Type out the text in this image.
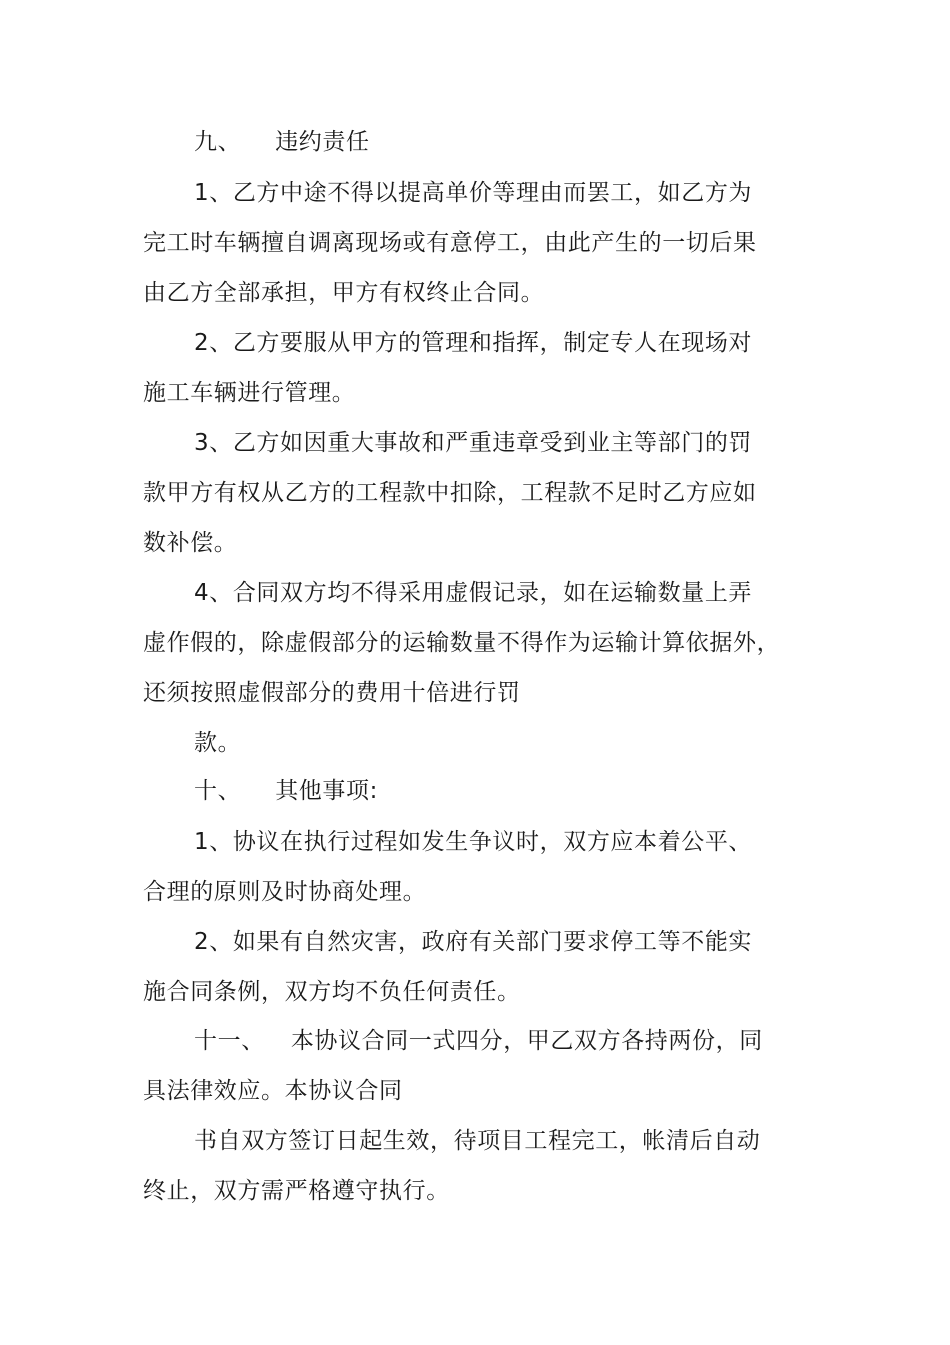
九、 违约责任
1、乙方中途不得以提高单价等理由而罢工，如乙方为
完工时车辆擅自调离现场或有意停工，由此产生的一切后果
由乙方全部承担，甲方有权终止合同。
2、乙方要服从甲方的管理和指挥，制定专人在现场对
施工车辆进行管理。
3、乙方如因重大事故和严重违章受到业主等部门的罚
款甲方有权从乙方的工程款中扣除，工程款不足时乙方应如
数补偿。
4、合同双方均不得采用虚假记录，如在运输数量上弄
虚作假的，除虚假部分的运输数量不得作为运输计算依据外，
还须按照虚假部分的费用十倍进行罚
款。
十、 其他事项:
1、协议在执行过程如发生争议时，双方应本着公平、
合理的原则及时协商处理。
2、如果有自然灾害，政府有关部门要求停工等不能实
施合同条例，双方均不负任何责任。
十一、 本协议合同一式四分，甲乙双方各持两份，同
具法律效应。本协议合同
书自双方签订日起生效，待项目工程完工，帐清后自动
终止，双方需严格遵守执行。
